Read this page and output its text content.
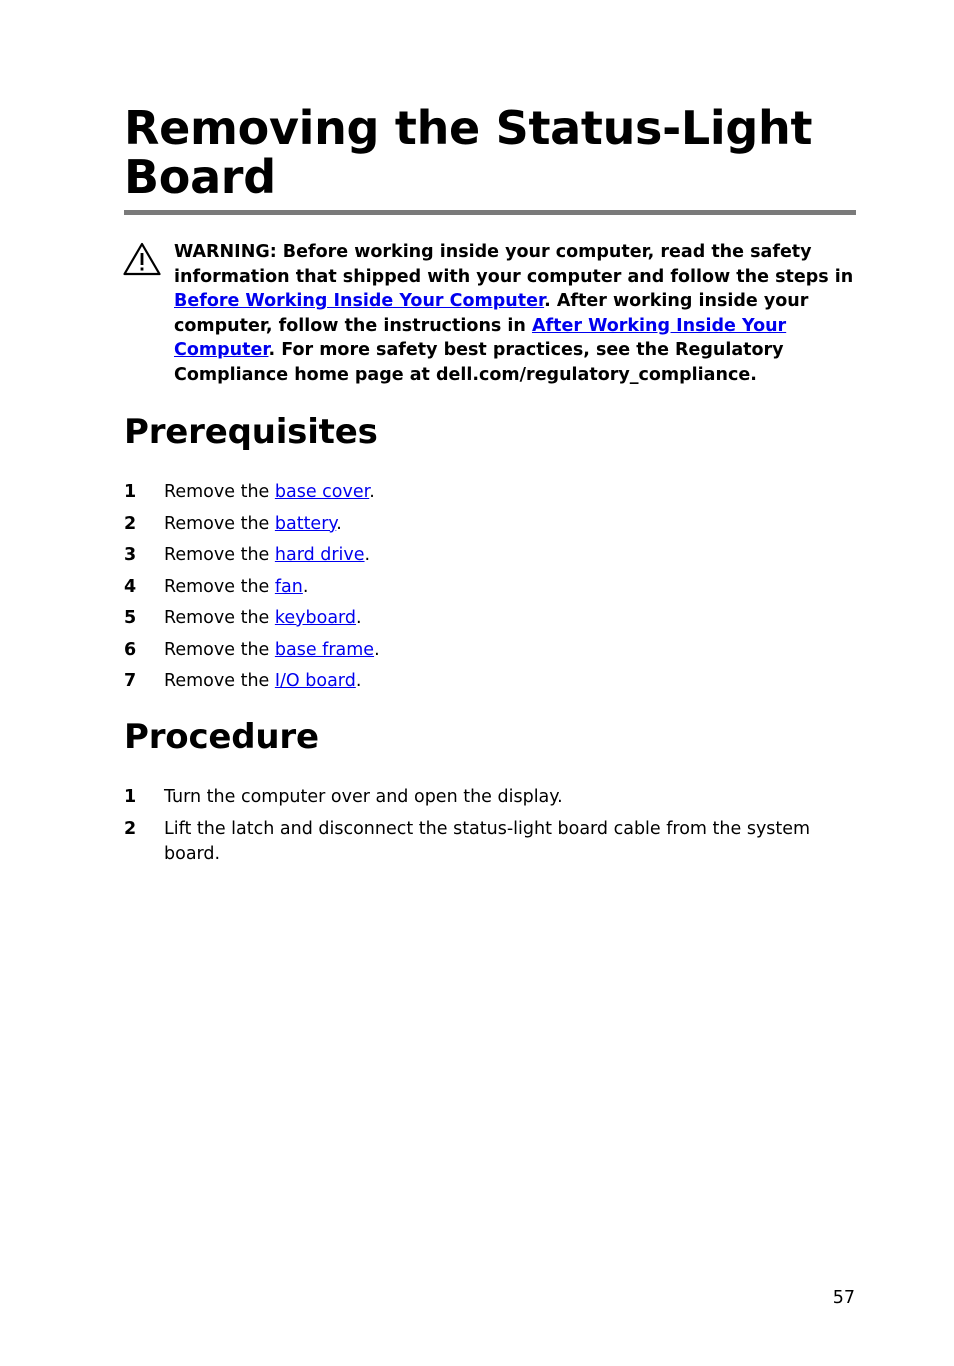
Removing the Status-Light Board

WARNING: Before working inside your computer, read the safety information that shipped with your computer and follow the steps in Before Working Inside Your Computer. After working inside your computer, follow the instructions in After Working Inside Your Computer. For more safety best practices, see the Regulatory Compliance home page at dell.com/regulatory_compliance.

Prerequisites
1 Remove the base cover.
2 Remove the battery.
3 Remove the hard drive.
4 Remove the fan.
5 Remove the keyboard.
6 Remove the base frame.
7 Remove the I/O board.
Procedure
1 Turn the computer over and open the display.
2 Lift the latch and disconnect the status-light board cable from the system board.
57
